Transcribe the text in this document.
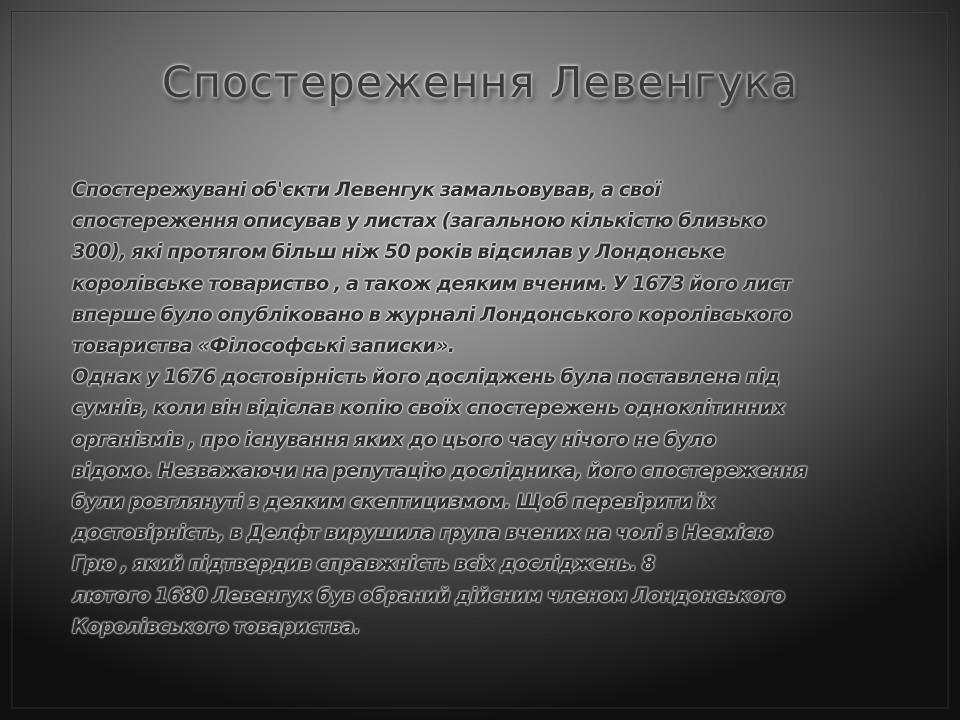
Спостереження Левенгука
Спостережувані об'єкти Левенгук замальовував, а свої
спостереження описував у листах (загальною кількістю близько
300), які протягом більш ніж 50 років відсилав у Лондонське
королівське товариство , а також деяким вченим. У 1673 його лист
вперше було опубліковано в журналі Лондонського королівського
товариства «Філософські записки».
Однак у 1676 достовірність його досліджень була поставлена під
сумнів, коли він відіслав копію своїх спостережень одноклітинних
організмів , про існування яких до цього часу нічого не було
відомо. Незважаючи на репутацію дослідника, його спостереження
були розглянуті з деяким скептицизмом. Щоб перевірити їх
достовірність, в Делфт вирушила група вчених на чолі з Неємією
Грю , який підтвердив справжність всіх досліджень. 8
лютого 1680 Левенгук був обраний дійсним членом Лондонського
Королівського товариства.
